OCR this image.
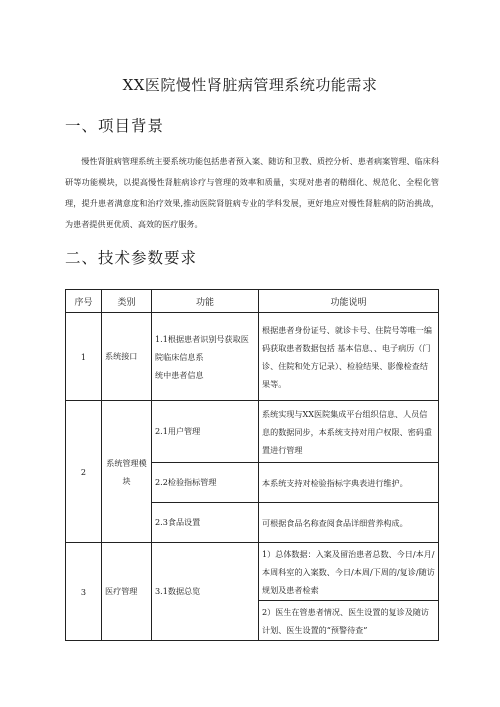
XX医院慢性肾脏病管理系统功能需求
一、项目背景

慢性肾脏病管理系统主要系统功能包括患者预入案、随访和卫教、质控分析、患者病案管理、临床科研等功能模块，以提高慢性肾脏病诊疗与管理的效率和质量，实现对患者的精细化、规范化、全程化管理，提升患者满意度和治疗效果,推动医院肾脏病专业的学科发展，更好地应对慢性肾脏病的防治挑战，为患者提供更优质、高效的医疗服务。

二、技术参数要求
序号	类别	功能	功能说明
1	系统接口	1.1根据患者识别号获取医
院临床信息系
统中患者信息	根据患者身份证号、就诊卡号、住院号等唯一编码获取患者数据包括 基本信息、、电子病历（门诊、住院和处方记录）、检验结果、影像检查结果等。
2	系统管理模块	2.1用户管理	系统实现与XX医院集成平台组织信息、人员信息的数据同步，本系统支持对用户权限、密码重置进行管理
		2.2检验指标管理	本系统支持对检验指标字典表进行维护。
		2.3食品设置	可根据食品名称查阅食品详细营养构成。
3	医疗管理	3.1数据总览	1）总体数据：入案及留治患者总数、今日/本月/本周科室的入案数、今日/本周/下周的/复诊/随访规划及患者检索
			2）医生在管患者情况、医生设置的复诊及随访计划、医生设置的“预警待查”
